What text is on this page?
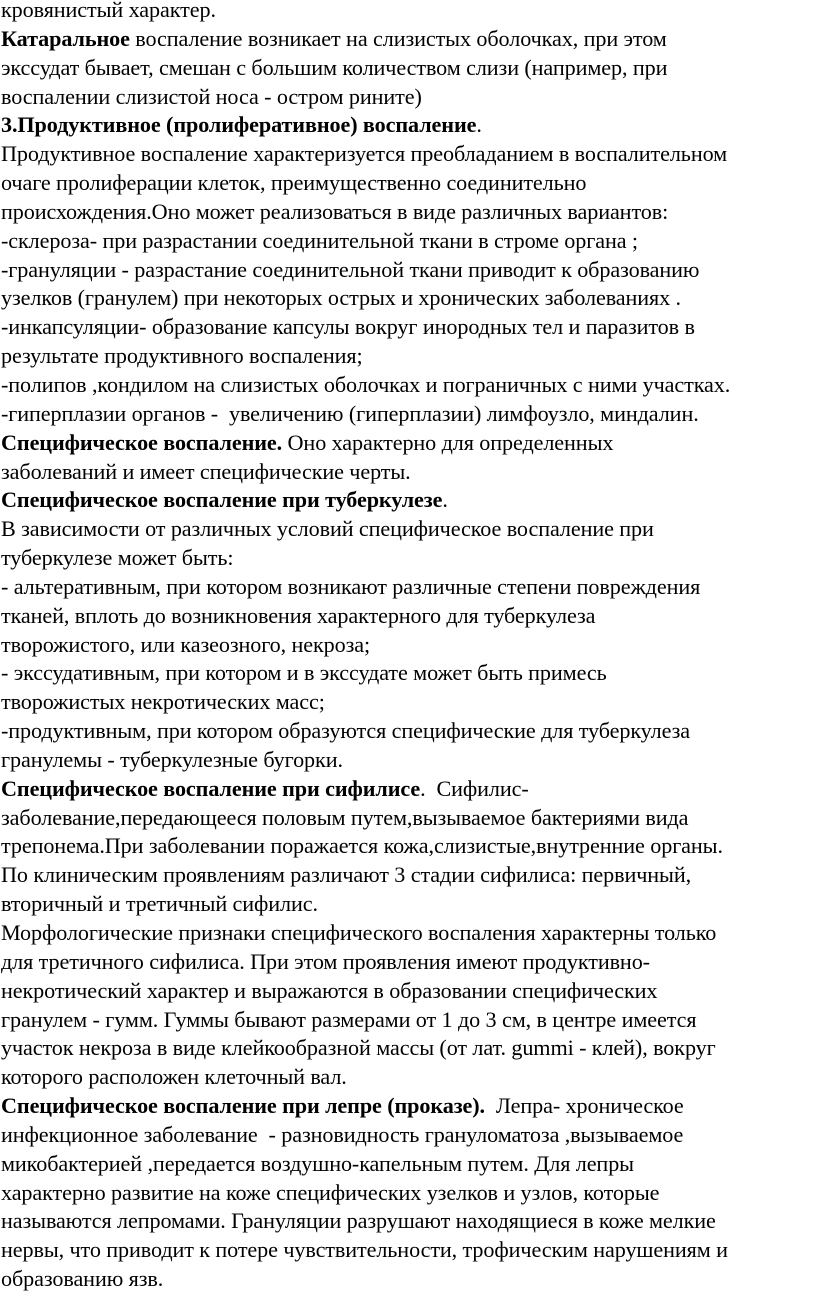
кровянистый характер.
Катаральное воспаление возникает на слизистых оболочках, при этом
экссудат бывает, смешан с большим количеством слизи (например, при
воспалении слизистой носа - остром рините)
3.Продуктивное (пролиферативное) воспаление.
Продуктивное воспаление характеризуется преобладанием в воспалительном
очаге пролиферации клеток, преимущественно соединительно
происхождения.Оно может реализоваться в виде различных вариантов:
-склероза- при разрастании соединительной ткани в строме органа ;
-грануляции - разрастание соединительной ткани приводит к образованию
узелков (гранулем) при некоторых острых и хронических заболеваниях .
-инкапсуляции- образование капсулы вокруг инородных тел и паразитов в
результате продуктивного воспаления;
-полипов ,кондилом на слизистых оболочках и пограничных с ними участках.
-гиперплазии органов -  увеличению (гиперплазии) лимфоузло, миндалин.
Специфическое воспаление. Оно характерно для определенных
заболеваний и имеет специфические черты.
Специфическое воспаление при туберкулезе.
В зависимости от различных условий специфическое воспаление при
туберкулезе может быть:
- альтеративным, при котором возникают различные степени повреждения
тканей, вплоть до возникновения характерного для туберкулеза
творожистого, или казеозного, некроза;
- экссудативным, при котором и в экссудате может быть примесь
творожистых некротических масс;
-продуктивным, при котором образуются специфические для туберкулеза
гранулемы - туберкулезные бугорки.
Специфическое воспаление при сифилисе.  Сифилис-
заболевание,передающееся половым путем,вызываемое бактериями вида
трепонема.При заболевании поражается кожа,слизистые,внутренние органы.
По клиническим проявлениям различают 3 стадии сифилиса: первичный,
вторичный и третичный сифилис.
Морфологические признаки специфического воспаления характерны только
для третичного сифилиса. При этом проявления имеют продуктивно-
некротический характер и выражаются в образовании специфических
гранулем - гумм. Гуммы бывают размерами от 1 до 3 см, в центре имеется
участок некроза в виде клейкообразной массы (от лат. gummi - клей), вокруг
которого расположен клеточный вал.
Специфическое воспаление при лепре (проказе).  Лепра- хроническое
инфекционное заболевание  - разновидность грануломатоза ,вызываемое
микобактерией ,передается воздушно-капельным путем. Для лепры
характерно развитие на коже специфических узелков и узлов, которые
называются лепромами. Грануляции разрушают находящиеся в коже мелкие
нервы, что приводит к потере чувствительности, трофическим нарушениям и
образованию язв.
